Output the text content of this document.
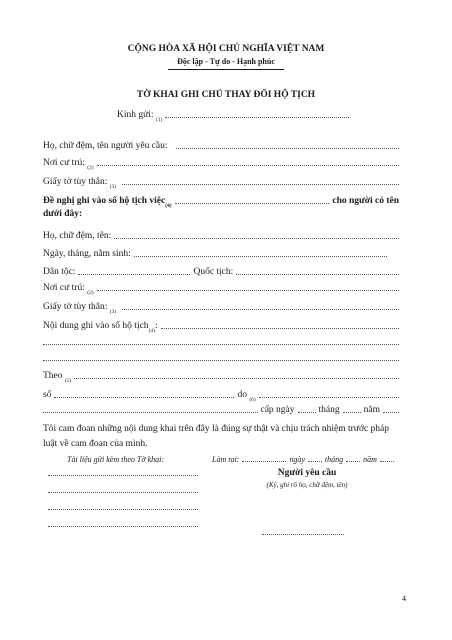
CỘNG HÒA XÃ HỘI CHỦ NGHĨA VIỆT NAM
Độc lập - Tự do - Hạnh phúc
TỜ KHAI GHI CHÚ THAY ĐỔI HỘ TỊCH
Kính gửi:
(1)
Họ, chữ đệm, tên người yêu cầu:
Nơi cư trú:
(2)
Giấy tờ tùy thân:
(3)
Đề nghị ghi vào sổ hộ tịch việc (4)	cho người có tên
dưới đây:
Họ, chữ đệm, tên:
Ngày, tháng, năm sinh:
Dân tộc:	Quốc tịch:
Nơi cư trú:
(2)
Giấy tờ tùy thân:
(3)
Nội dung ghi vào sổ hộ tịch (4) :
Theo
(5)
số	do
(6)
cấp ngày	tháng	năm
Tôi cam đoan những nội dung khai trên đây là đúng sự thật và chịu trách nhiệm trước pháp
luật về cam đoan của mình.
Tài liệu gửi kèm theo Tờ khai:	Làm tại:	ngày	tháng	năm
Người yêu cầu
(Ký, ghi rõ họ, chữ đệm, tên)
4
